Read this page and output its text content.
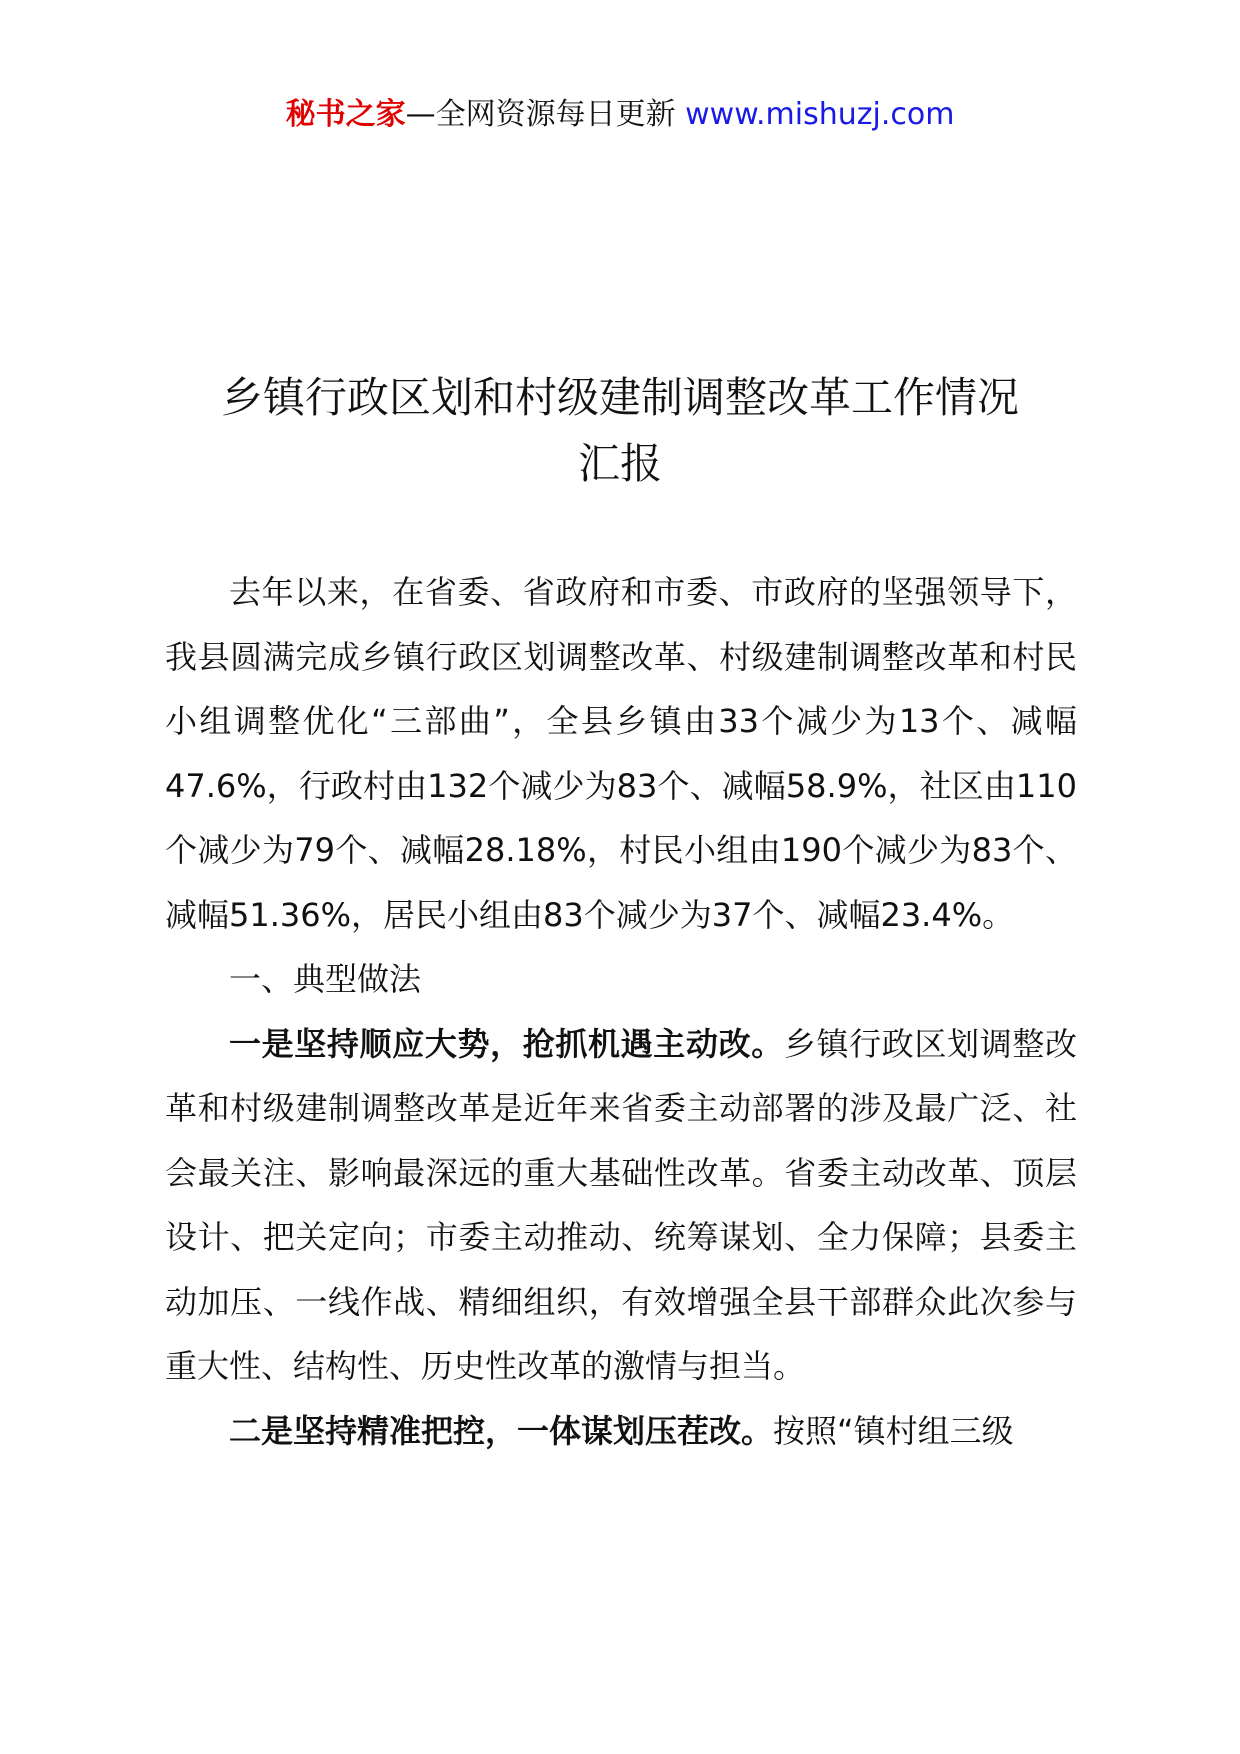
秘书之家—全网资源每日更新 www.mishuzj.com
乡镇行政区划和村级建制调整改革工作情况
汇报

去年以来，在省委、省政府和市委、市政府的坚强领导下，我县圆满完成乡镇行政区划调整改革、村级建制调整改革和村民小组调整优化“三部曲”，全县乡镇由33个减少为13个、减幅47.6%，行政村由132个减少为83个、减幅58.9%，社区由110个减少为79个、减幅28.18%，村民小组由190个减少为83个、减幅51.36%，居民小组由83个减少为37个、减幅23.4%。

一、典型做法

一是坚持顺应大势，抢抓机遇主动改。乡镇行政区划调整改革和村级建制调整改革是近年来省委主动部署的涉及最广泛、社会最关注、影响最深远的重大基础性改革。省委主动改革、顶层设计、把关定向；市委主动推动、统筹谋划、全力保障；县委主动加压、一线作战、精细组织，有效增强全县干部群众此次参与重大性、结构性、历史性改革的激情与担当。

二是坚持精准把控，一体谋划压茬改。按照“镇村组三级
